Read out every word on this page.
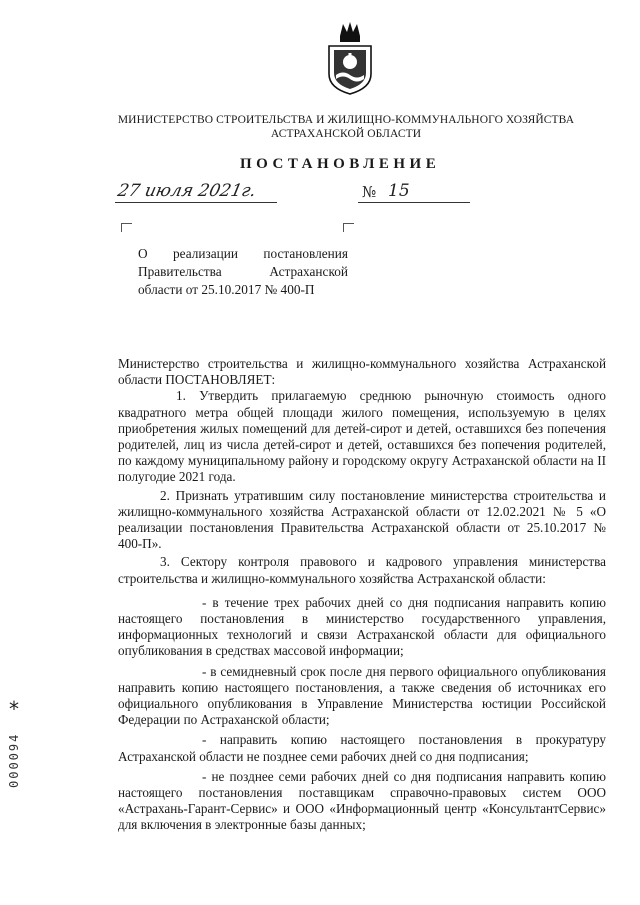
МИНИСТЕРСТВО СТРОИТЕЛЬСТВА И ЖИЛИЩНО-КОММУНАЛЬНОГО ХОЗЯЙСТВА
АСТРАХАНСКОЙ ОБЛАСТИ
ПОСТАНОВЛЕНИЕ
27 июля 2021г.	№ 15
О реализации постановления Правительства Астраханской области от 25.10.2017 № 400-П

Министерство строительства и жилищно-коммунального хозяйства Астраханской области ПОСТАНОВЛЯЕТ:

1. Утвердить прилагаемую среднюю рыночную стоимость одного квадратного метра общей площади жилого помещения, используемую в целях приобретения жилых помещений для детей-сирот и детей, оставшихся без попечения родителей, лиц из числа детей-сирот и детей, оставшихся без попечения родителей, по каждому муниципальному району и городскому округу Астраханской области на II полугодие 2021 года.

2. Признать утратившим силу постановление министерства строительства и жилищно-коммунального хозяйства Астраханской области от 12.02.2021 № 5 «О реализации постановления Правительства Астраханской области от 25.10.2017 № 400-П».

3. Сектору контроля правового и кадрового управления министерства строительства и жилищно-коммунального хозяйства Астраханской области:

- в течение трех рабочих дней со дня подписания направить копию настоящего постановления в министерство государственного управления, информационных технологий и связи Астраханской области для официального опубликования в средствах массовой информации;

- в семидневный срок после дня первого официального опубликования направить копию настоящего постановления, а также сведения об источниках его официального опубликования в Управление Министерства юстиции Российской Федерации по Астраханской области;

- направить копию настоящего постановления в прокуратуру Астраханской области не позднее семи рабочих дней со дня подписания;

- не позднее семи рабочих дней со дня подписания направить копию настоящего постановления поставщикам справочно-правовых систем ООО «Астрахань-Гарант-Сервис» и ООО «Информационный центр «КонсультантСервис» для включения в электронные базы данных;

*
000094
